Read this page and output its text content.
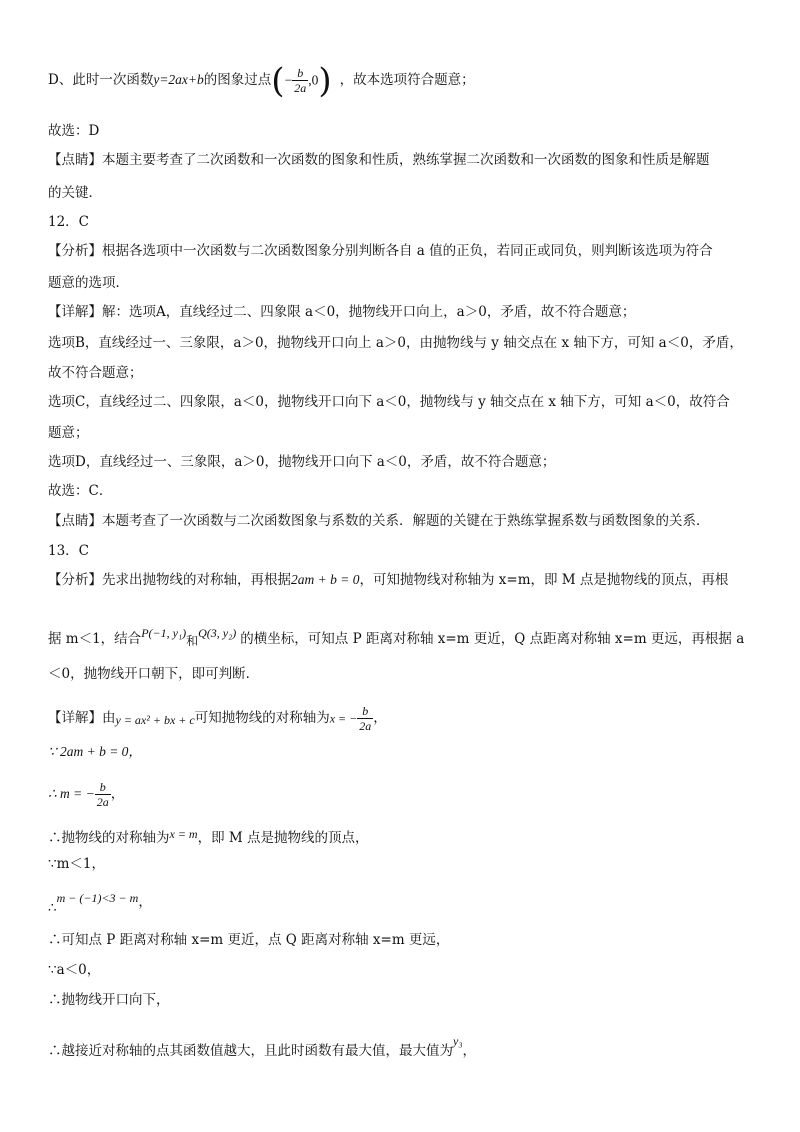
D、此时一次函数y=2ax+b的图象过点(− $\frac{b}{2a} ,0$) ，故本选项符合题意；
故选：D
【点睛】本题主要考查了二次函数和一次函数的图象和性质，熟练掌握二次函数和一次函数的图象和性质是解题
的关键．
12．C
【分析】根据各选项中一次函数与二次函数图象分别判断各自 a 值的正负，若同正或同负，则判断该选项为符合
题意的选项．
【详解】解：选项A，直线经过二、四象限 a＜0，抛物线开口向上，a＞0，矛盾，故不符合题意；
选项B，直线经过一、三象限，a＞0，抛物线开口向上 a＞0，由抛物线与 y 轴交点在 x 轴下方，可知 a＜0，矛盾，
故不符合题意；
选项C，直线经过二、四象限，a＜0，抛物线开口向下 a＜0，抛物线与 y 轴交点在 x 轴下方，可知 a＜0，故符合
题意；
选项D，直线经过一、三象限，a＞0，抛物线开口向下 a＜0，矛盾，故不符合题意；
故选：C．
【点睛】本题考查了一次函数与二次函数图象与系数的关系．解题的关键在于熟练掌握系数与函数图象的关系．
13．C
【分析】先求出抛物线的对称轴，再根据2am + b = 0，可知抛物线对称轴为 x=m，即 M 点是抛物线的顶点，再根
据 m＜1，结合P(−1, y₁)和Q(3, y₂) 的横坐标，可知点 P 距离对称轴 x=m 更近，Q 点距离对称轴 x=m 更远，再根据 a
＜0，抛物线开口朝下，即可判断．
【详解】由y = ax² + bx + c可知抛物线的对称轴为x = − $\frac{b}{2a}$ ，
∵ 2am + b = 0，
∴ m = − $\frac{b}{2a}$ ，
∴抛物线的对称轴为x = m，即 M 点是抛物线的顶点，
∵m＜1，
∴m − (−1)<3 − m，
∴可知点 P 距离对称轴 x=m 更近，点 Q 距离对称轴 x=m 更远，
∵a＜0，
∴抛物线开口向下，
∴越接近对称轴的点其函数值越大，且此时函数有最大值，最大值为y₃，
